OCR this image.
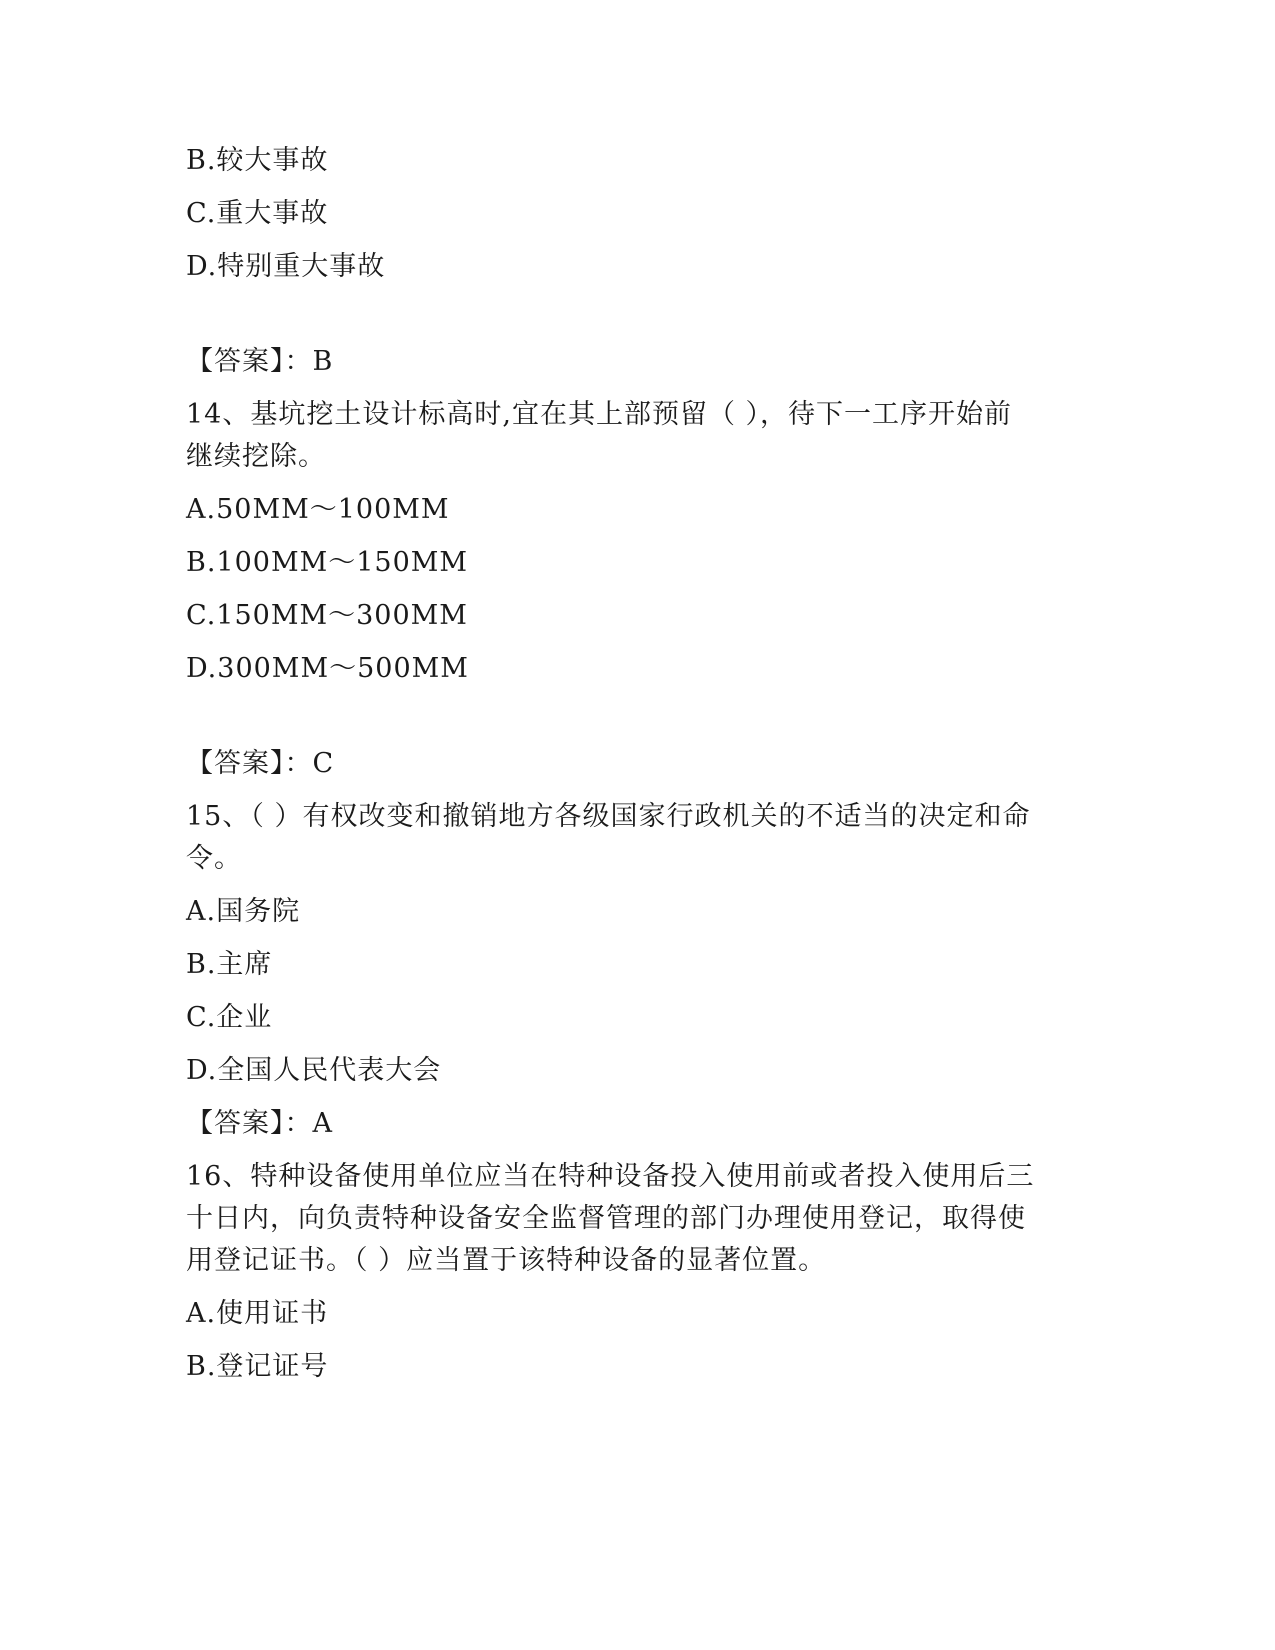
B.较大事故
C.重大事故
D.特别重大事故
【答案】：B
14、基坑挖土设计标高时,宜在其上部预留（ ），待下一工序开始前
继续挖除。
A.50MM～100MM
B.100MM～150MM
C.150MM～300MM
D.300MM～500MM
【答案】：C
15、（ ）有权改变和撤销地方各级国家行政机关的不适当的决定和命
令。
A.国务院
B.主席
C.企业
D.全国人民代表大会
【答案】：A
16、特种设备使用单位应当在特种设备投入使用前或者投入使用后三
十日内，向负责特种设备安全监督管理的部门办理使用登记，取得使
用登记证书。（ ）应当置于该特种设备的显著位置。
A.使用证书
B.登记证号
